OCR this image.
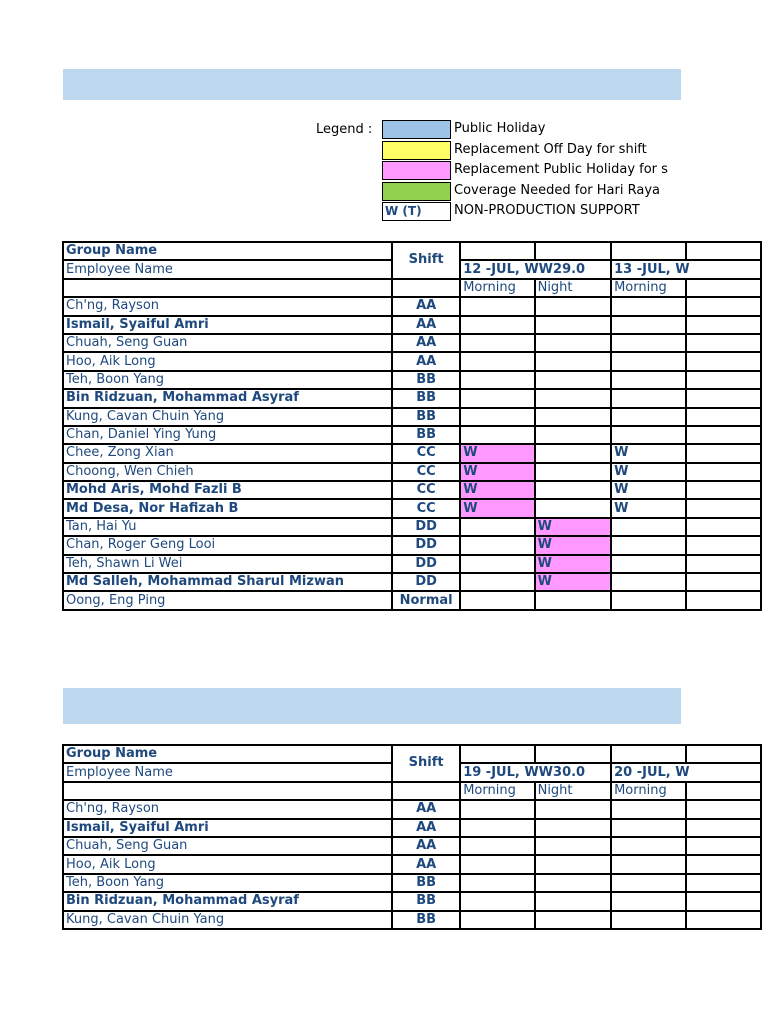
Legend :	Public Holiday
Replacement Off Day for shift
Replacement Public Holiday for s
Coverage Needed for Hari Raya
W (T)	NON-PRODUCTION SUPPORT
Group Name	Shift				
Employee Name		12 -JUL, WW29.0		13 -JUL, W	
		Morning	Night	Morning	
Ch'ng, Rayson	AA				
Ismail, Syaiful Amri	AA				
Chuah, Seng Guan	AA				
Hoo, Aik Long	AA				
Teh, Boon Yang	BB				
Bin Ridzuan, Mohammad Asyraf	BB				
Kung, Cavan Chuin Yang	BB				
Chan, Daniel Ying Yung	BB				
Chee, Zong Xian	CC	W		W	
Choong, Wen Chieh	CC	W		W	
Mohd Aris, Mohd Fazli B	CC	W		W	
Md Desa, Nor Hafizah B	CC	W		W	
Tan, Hai Yu	DD		W		
Chan, Roger Geng Looi	DD		W		
Teh, Shawn Li Wei	DD		W		
Md Salleh, Mohammad Sharul Mizwan	DD		W		
Oong, Eng Ping	Normal				
Group Name	Shift				
Employee Name		19 -JUL, WW30.0		20 -JUL, W	
		Morning	Night	Morning	
Ch'ng, Rayson	AA				
Ismail, Syaiful Amri	AA				
Chuah, Seng Guan	AA				
Hoo, Aik Long	AA				
Teh, Boon Yang	BB				
Bin Ridzuan, Mohammad Asyraf	BB				
Kung, Cavan Chuin Yang	BB				
